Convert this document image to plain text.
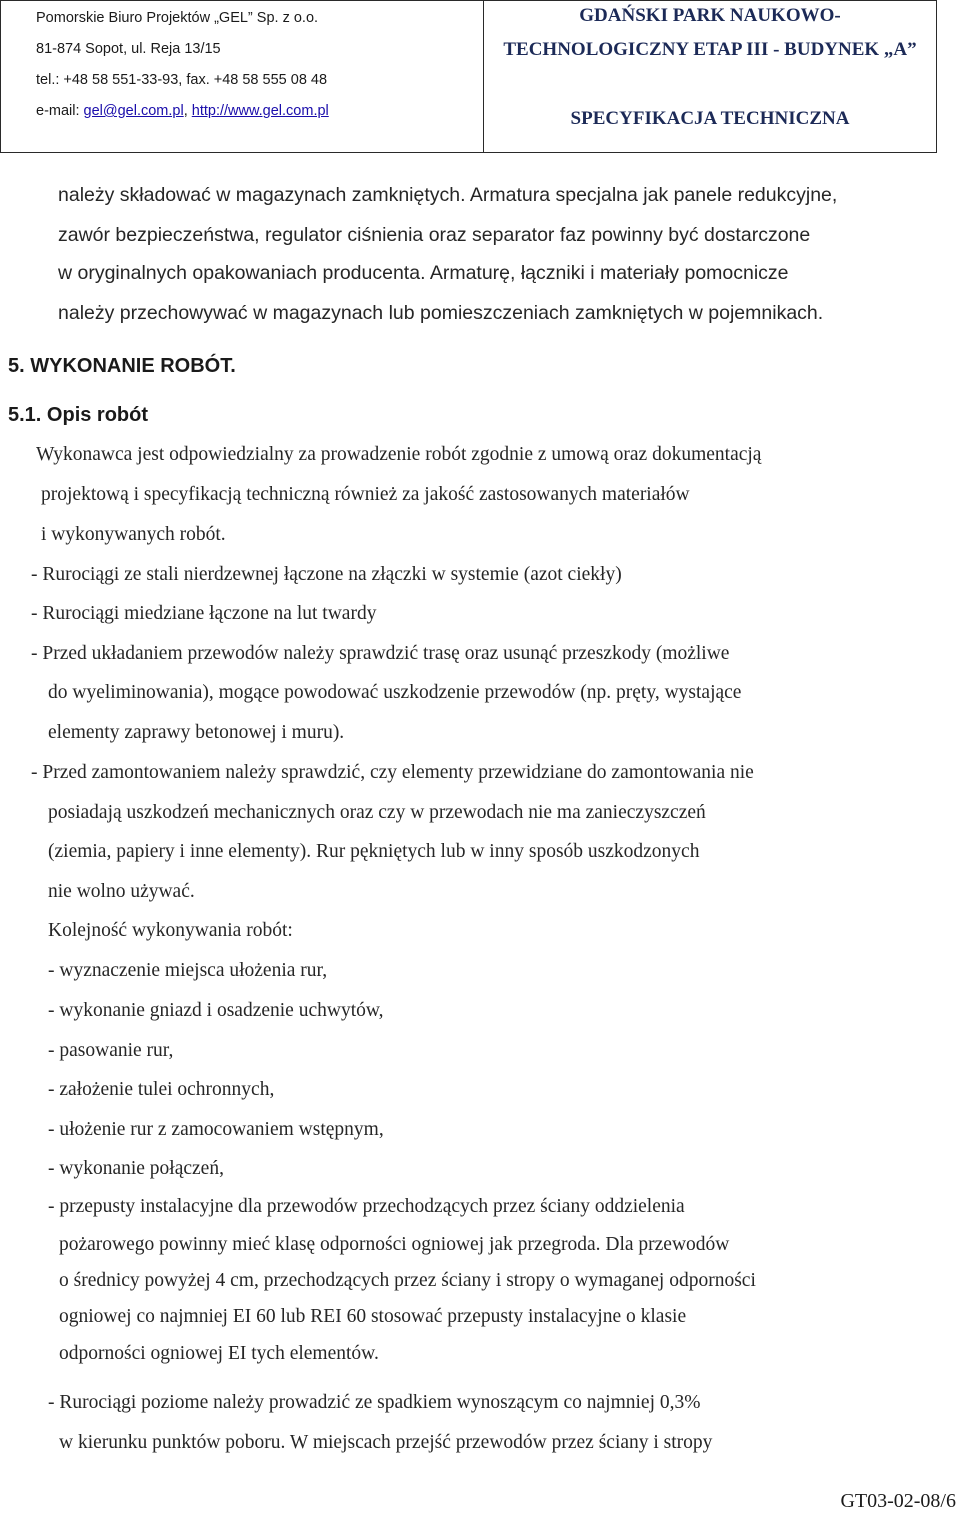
Pomorskie Biuro Projektów „GEL” Sp. z o.o.
81-874 Sopot, ul. Reja 13/15
tel.: +48 58 551-33-93, fax. +48 58 555 08 48
e-mail: gel@gel.com.pl, http://www.gel.com.pl
GDAŃSKI PARK NAUKOWO-
TECHNOLOGICZNY ETAP III - BUDYNEK „A”
SPECYFIKACJA TECHNICZNA
należy składować w magazynach zamkniętych. Armatura specjalna jak panele redukcyjne,
zawór bezpieczeństwa, regulator ciśnienia oraz separator faz powinny być dostarczone
w oryginalnych opakowaniach producenta. Armaturę, łączniki i materiały pomocnicze
należy przechowywać w magazynach lub pomieszczeniach zamkniętych w pojemnikach.
5. WYKONANIE ROBÓT.
5.1. Opis robót
Wykonawca jest odpowiedzialny za prowadzenie robót zgodnie z umową oraz dokumentacją
projektową i specyfikacją techniczną również za jakość zastosowanych materiałów
i wykonywanych robót.
- Rurociągi ze stali nierdzewnej łączone na złączki w systemie (azot ciekły)
- Rurociągi miedziane łączone na lut twardy
- Przed układaniem przewodów należy sprawdzić trasę oraz usunąć przeszkody (możliwe
do wyeliminowania), mogące powodować uszkodzenie przewodów (np. pręty, wystające
elementy zaprawy betonowej i muru).
- Przed zamontowaniem należy sprawdzić, czy elementy przewidziane do zamontowania nie
posiadają uszkodzeń mechanicznych oraz czy w przewodach nie ma zanieczyszczeń
(ziemia, papiery i inne elementy). Rur pękniętych lub w inny sposób uszkodzonych
nie wolno używać.
Kolejność wykonywania robót:
- wyznaczenie miejsca ułożenia rur,
- wykonanie gniazd i osadzenie uchwytów,
- pasowanie rur,
- założenie tulei ochronnych,
- ułożenie rur z zamocowaniem wstępnym,
- wykonanie połączeń,
- przepusty instalacyjne dla przewodów przechodzących przez ściany oddzielenia
pożarowego powinny mieć klasę odporności ogniowej jak przegroda. Dla przewodów
o średnicy powyżej 4 cm, przechodzących przez ściany i stropy o wymaganej odporności
ogniowej co najmniej EI 60 lub REI 60 stosować przepusty instalacyjne o klasie
odporności ogniowej EI tych elementów.
- Rurociągi poziome należy prowadzić ze spadkiem wynoszącym co najmniej 0,3%
w kierunku punktów poboru. W miejscach przejść przewodów przez ściany i stropy
GT03-02-08/6
